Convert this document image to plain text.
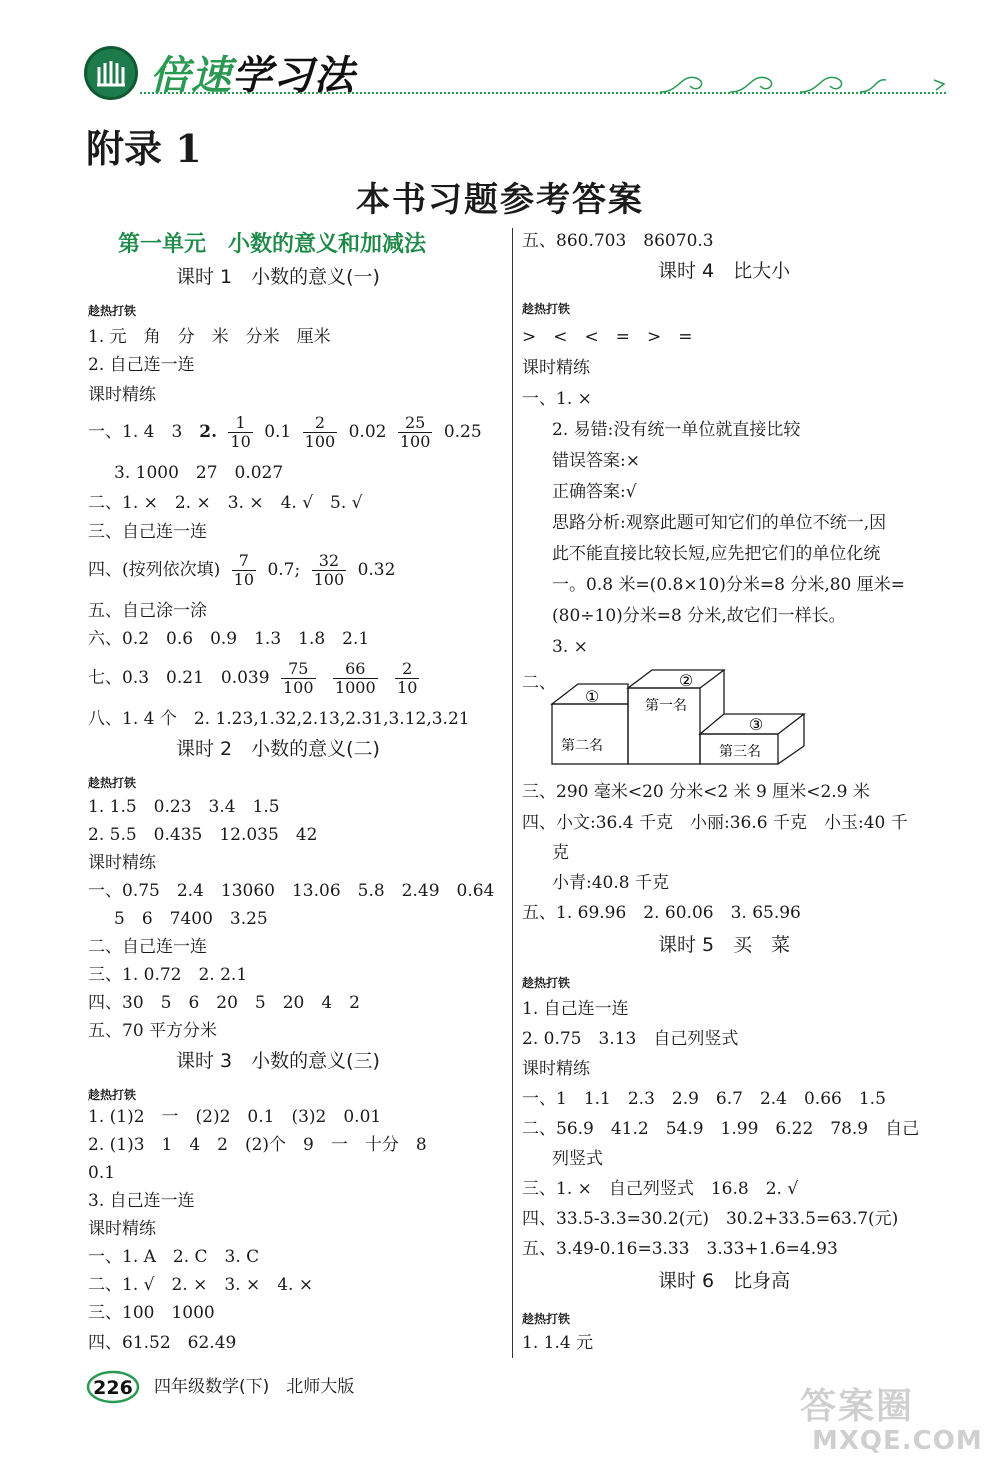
倍速学习法
附录 1
本书习题参考答案
第一单元　小数的意义和加减法
课时 1　小数的意义(一)
趁热打铁
1. 元　角　分　米　分米　厘米
2. 自己连一连
课时精练
一、1. 4　3　2. $\frac{1}{10} 0.1 \frac{2}{100} 0.02 \frac{25}{100} 0.25$
3. 1000　27　0.027
二、1. ×　2. ×　3. ×　4. √　5. √
三、自己连一连
四、(按列依次填) $\frac{7}{10} 0.7$; $\frac{32}{100} 0.32$
五、自己涂一涂
六、0.2　0.6　0.9　1.3　1.8　2.1
七、0.3　0.21　$0.039 \frac{75}{100}$
$\frac{66}{1000}$
$\frac{2}{10}$
八、1. 4 个　2. 1.23,1.32,2.13,2.31,3.12,3.21
课时 2　小数的意义(二)
趁热打铁
1. 1.5　0.23　3.4　1.5
2. 5.5　0.435　12.035　42
课时精练
一、0.75　2.4　13060　13.06　5.8　2.49　0.64
5　6　7400　3.25
二、自己连一连
三、1. 0.72　2. 2.1
四、30　5　6　20　5　20　4　2
五、70 平方分米
课时 3　小数的意义(三)
趁热打铁
1. (1)2　一　(2)2　0.1　(3)2　0.01
2. (1)3　1　4　2　(2)个　9　一　十分　8
0.1
3. 自己连一连
课时精练
一、1. A　2. C　3. C
二、1. √　2. ×　3. ×　4. ×
三、100　1000
四、61.52　62.49
五、860.703　86070.3
课时 4　比大小
趁热打铁
>　<　<　=　>　=
课时精练
一、1. ×
2. 易错:没有统一单位就直接比较
错误答案:×
正确答案:√
思路分析:观察此题可知它们的单位不统一,因
此不能直接比较长短,应先把它们的单位化统
一。0.8 米=(0.8×10)分米=8 分米,80 厘米=
(80÷10)分米=8 分米,故它们一样长。
3. ×
二、
①
②
③
第一名
第二名	第三名
三、290 毫米<20 分米<2 米 9 厘米<2.9 米
四、小文:36.4 千克　小丽:36.6 千克　小玉:40 千
克
小青:40.8 千克
五、1. 69.96　2. 60.06　3. 65.96
课时 5　买　菜
趁热打铁
1. 自己连一连
2. 0.75　3.13　自己列竖式
课时精练
一、1　1.1　2.3　2.9　6.7　2.4　0.66　1.5
二、56.9　41.2　54.9　1.99　6.22　78.9　自己
列竖式
三、1. ×　自己列竖式　16.8　2. √
四、33.5-3.3=30.2(元)　30.2+33.5=63.7(元)
五、3.49-0.16=3.33　3.33+1.6=4.93
课时 6　比身高
趁热打铁
1. 1.4 元
226 四年级数学(下)　北师大版	答案圈
MXQE.COM
